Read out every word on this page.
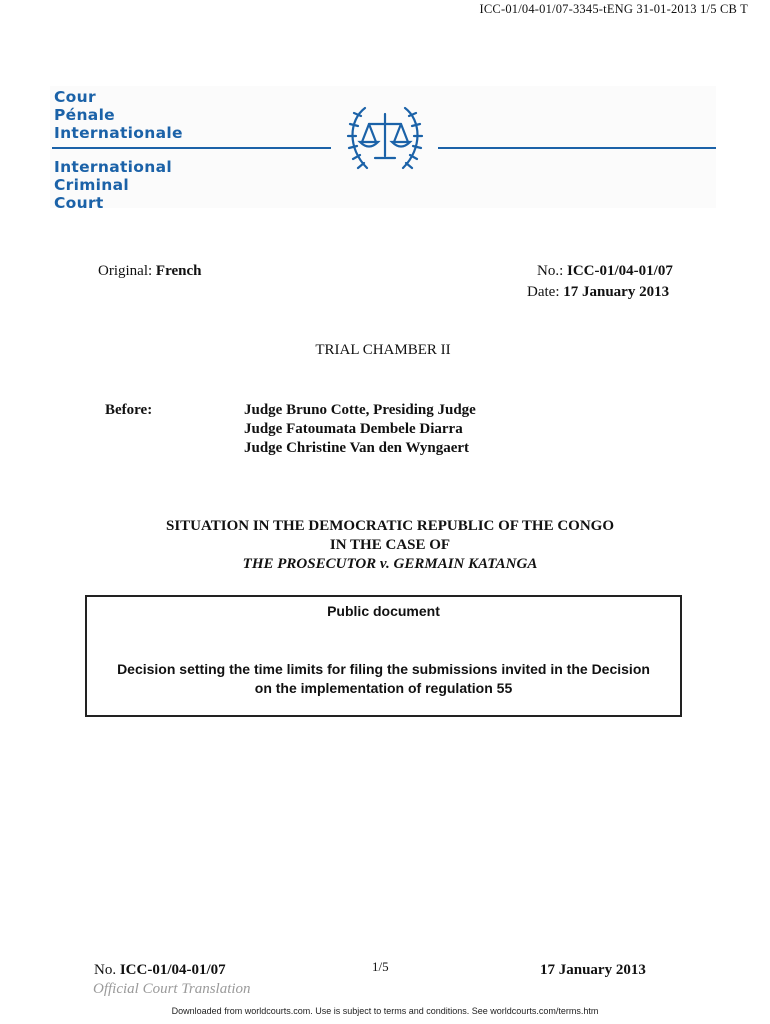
ICC-01/04-01/07-3345-tENG 31-01-2013 1/5 CB T
Cour
Pénale
Internationale
International
Criminal
Court
Original: French	No.: ICC-01/04-01/07
Date: 17 January 2013
TRIAL CHAMBER II
Before:	Judge Bruno Cotte, Presiding Judge
Judge Fatoumata Dembele Diarra
Judge Christine Van den Wyngaert
SITUATION IN THE DEMOCRATIC REPUBLIC OF THE CONGO
IN THE CASE OF
THE PROSECUTOR v. GERMAIN KATANGA
Public document
Decision setting the time limits for filing the submissions invited in the Decision
on the implementation of regulation 55
No. ICC-01/04-01/07	1/5	17 January 2013
Official Court Translation
Downloaded from worldcourts.com. Use is subject to terms and conditions. See worldcourts.com/terms.htm
